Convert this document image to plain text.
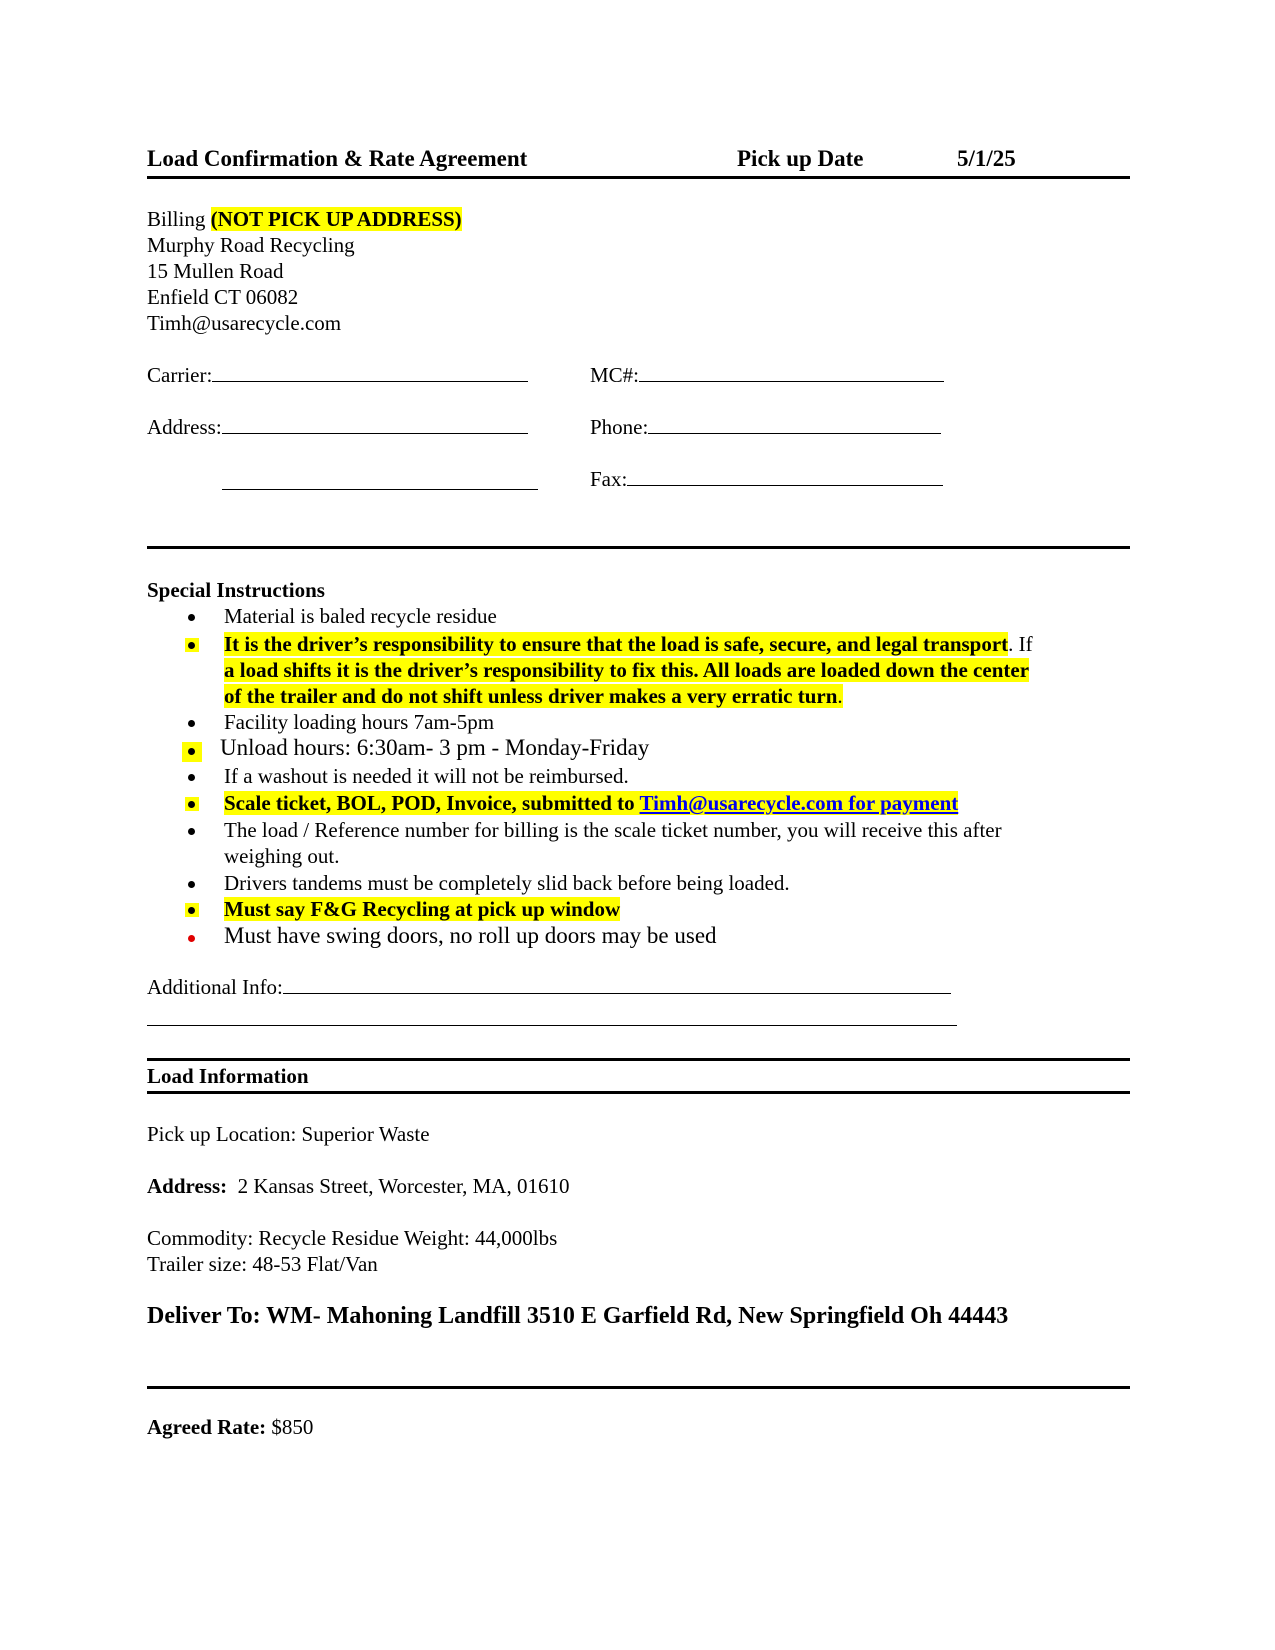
Load Confirmation & Rate Agreement	Pick up Date	5/1/25
Billing (NOT PICK UP ADDRESS)
Murphy Road Recycling
15 Mullen Road
Enfield CT 06082
Timh@usarecycle.com
Carrier:	MC#:
Address:	Phone:
Fax:
Special Instructions
Material is baled recycle residue
It is the driver’s responsibility to ensure that the load is safe, secure, and legal transport. If
a load shifts it is the driver’s responsibility to fix this. All loads are loaded down the center
of the trailer and do not shift unless driver makes a very erratic turn.
Facility loading hours 7am-5pm
Unload hours: 6:30am- 3 pm - Monday-Friday
If a washout is needed it will not be reimbursed.
Scale ticket, BOL, POD, Invoice, submitted to Timh@usarecycle.com for payment
The load / Reference number for billing is the scale ticket number, you will receive this after
weighing out.
Drivers tandems must be completely slid back before being loaded.
Must say F&G Recycling at pick up window
Must have swing doors, no roll up doors may be used
Additional Info:
Load Information
Pick up Location: Superior Waste
Address: 2 Kansas Street, Worcester, MA, 01610
Commodity: Recycle Residue Weight: 44,000lbs
Trailer size: 48-53 Flat/Van
Deliver To: WM- Mahoning Landfill 3510 E Garfield Rd, New Springfield Oh 44443
Agreed Rate: $850
